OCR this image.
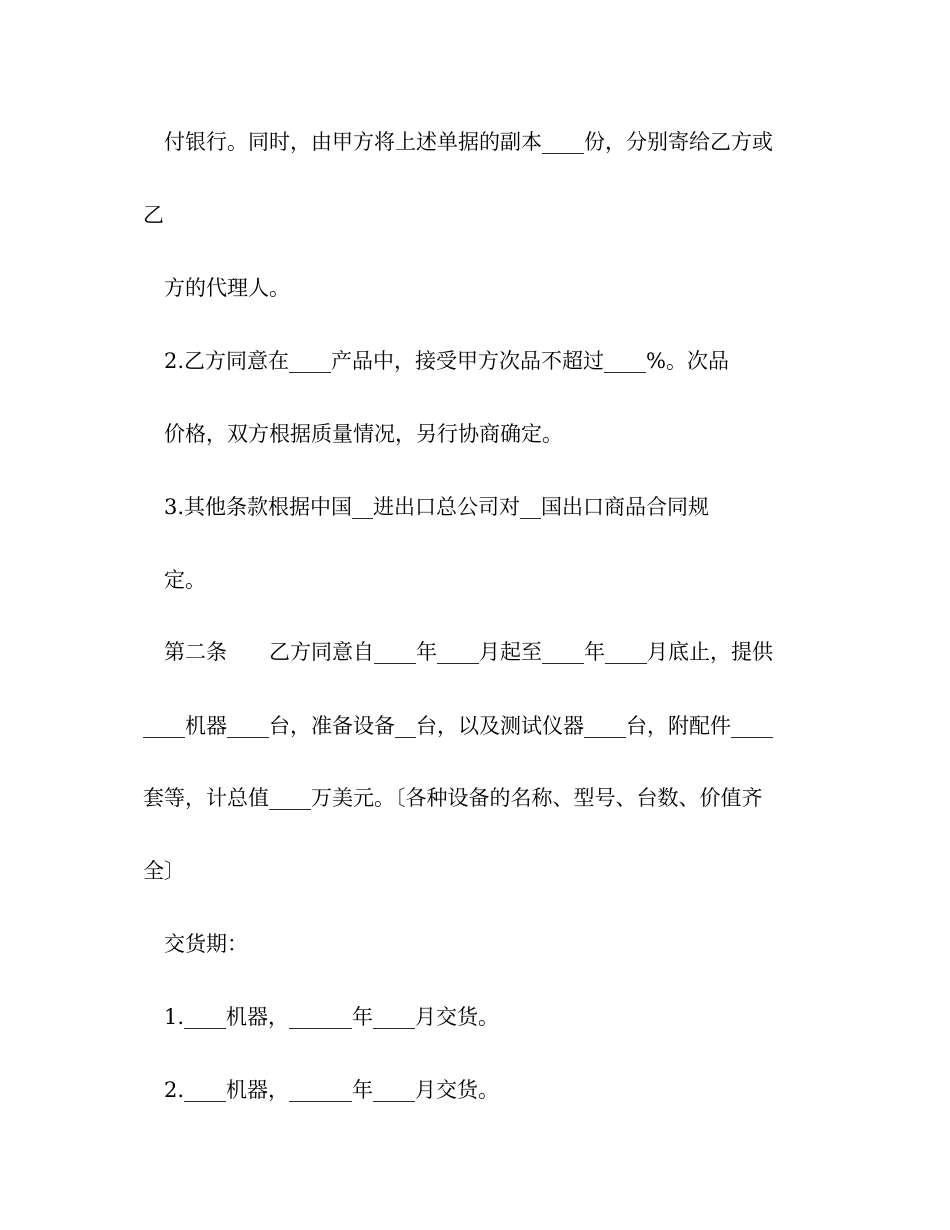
付银行。同时，由甲方将上述单据的副本____份，分别寄给乙方或
乙
方的代理人。
2.乙方同意在____产品中，接受甲方次品不超过____%。次品
价格，双方根据质量情况，另行协商确定。
3.其他条款根据中国__进出口总公司对__国出口商品合同规
定。
第二条　　乙方同意自____年____月起至____年____月底止，提供
____机器____台，准备设备__台，以及测试仪器____台，附配件____
套等，计总值____万美元。〔各种设备的名称、型号、台数、价值齐
全〕
交货期：
1.____机器，______年____月交货。
2.____机器，______年____月交货。
